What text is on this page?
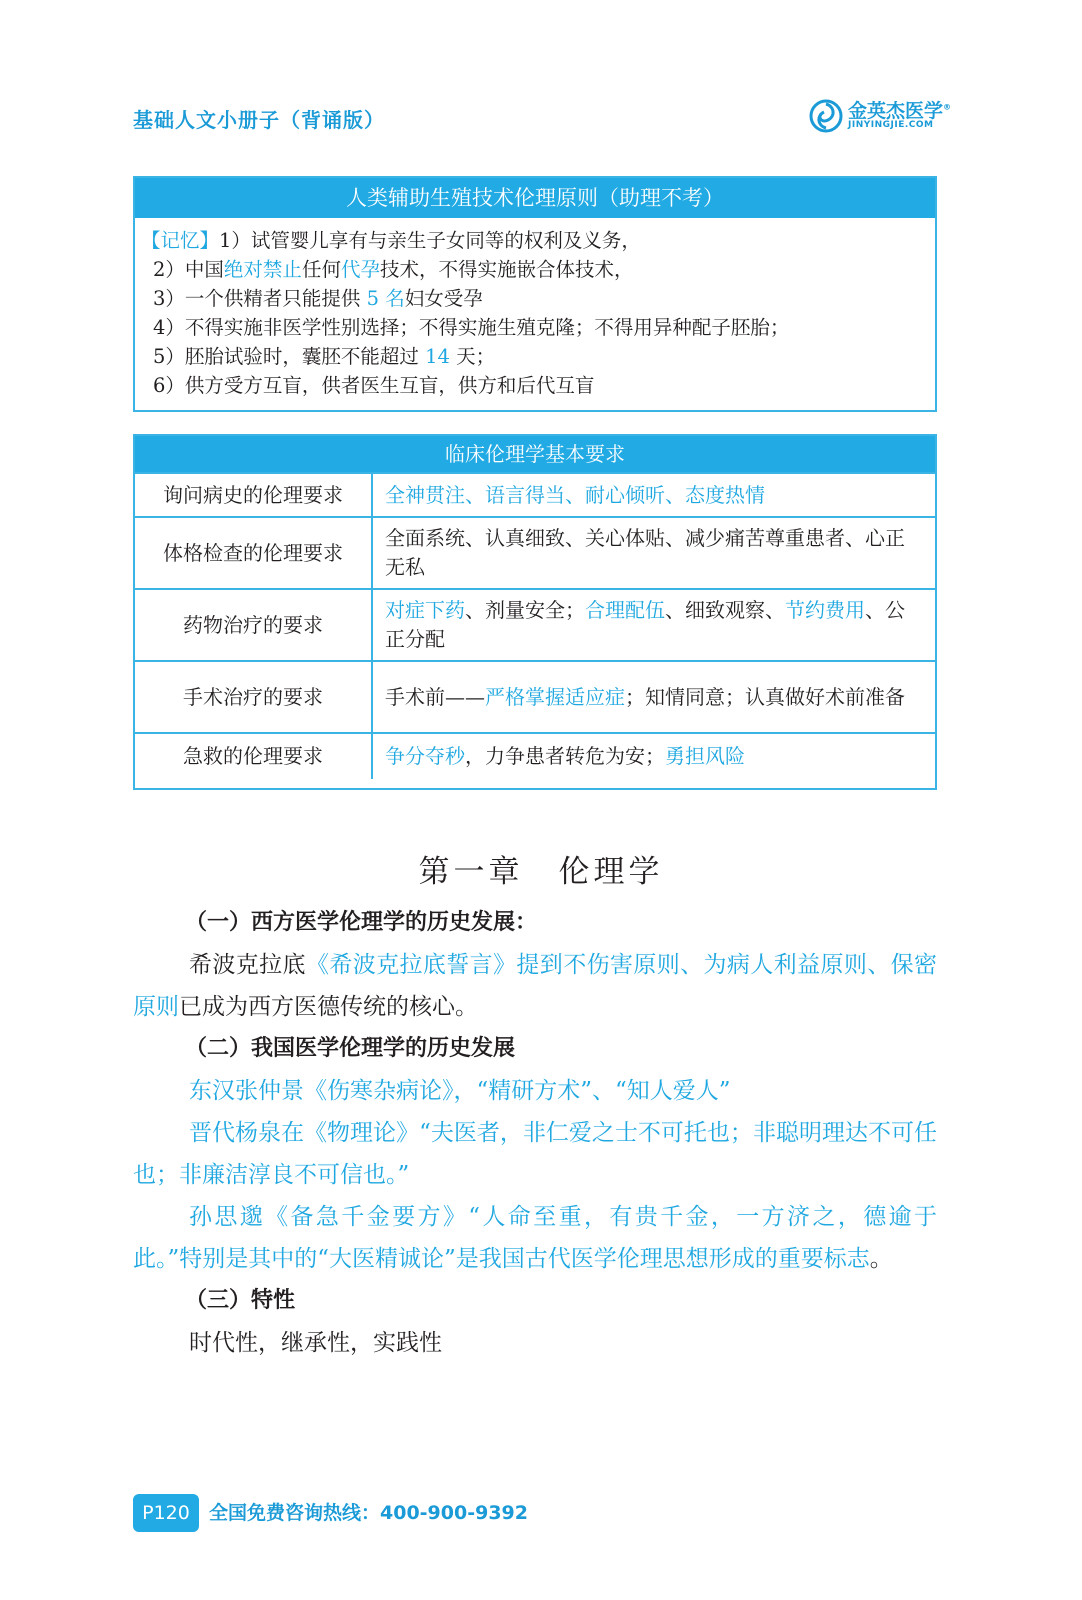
基础人文小册子（背诵版）	金英杰医学®
JINYINGJIE.COM
人类辅助生殖技术伦理原则（助理不考）
【记忆】1）试管婴儿享有与亲生子女同等的权利及义务，
2）中国绝对禁止任何代孕技术，不得实施嵌合体技术，
3）一个供精者只能提供 5 名妇女受孕
4）不得实施非医学性别选择；不得实施生殖克隆；不得用异种配子胚胎；
5）胚胎试验时，囊胚不能超过 14 天；
6）供方受方互盲，供者医生互盲，供方和后代互盲
临床伦理学基本要求
询问病史的伦理要求	全神贯注、语言得当、耐心倾听、态度热情
体格检查的伦理要求	全面系统、认真细致、关心体贴、减少痛苦尊重患者、心正无私
药物治疗的要求	对症下药、剂量安全；合理配伍、细致观察、节约费用、公正分配
手术治疗的要求	手术前——严格掌握适应症；知情同意；认真做好术前准备
急救的伦理要求	争分夺秒，力争患者转危为安；勇担风险
第一章　伦理学
（一）西方医学伦理学的历史发展：
希波克拉底《希波克拉底誓言》提到不伤害原则、为病人利益原则、保密原则已成为西方医德传统的核心。
（二）我国医学伦理学的历史发展
东汉张仲景《伤寒杂病论》，“精研方术”、“知人爱人”
晋代杨泉在《物理论》“夫医者，非仁爱之士不可托也；非聪明理达不可任也；非廉洁淳良不可信也。”
孙思邈《备急千金要方》“人命至重，有贵千金，一方济之，德逾于此。”特别是其中的“大医精诚论”是我国古代医学伦理思想形成的重要标志。
（三）特性
时代性，继承性，实践性
P120	全国免费咨询热线：400-900-9392
